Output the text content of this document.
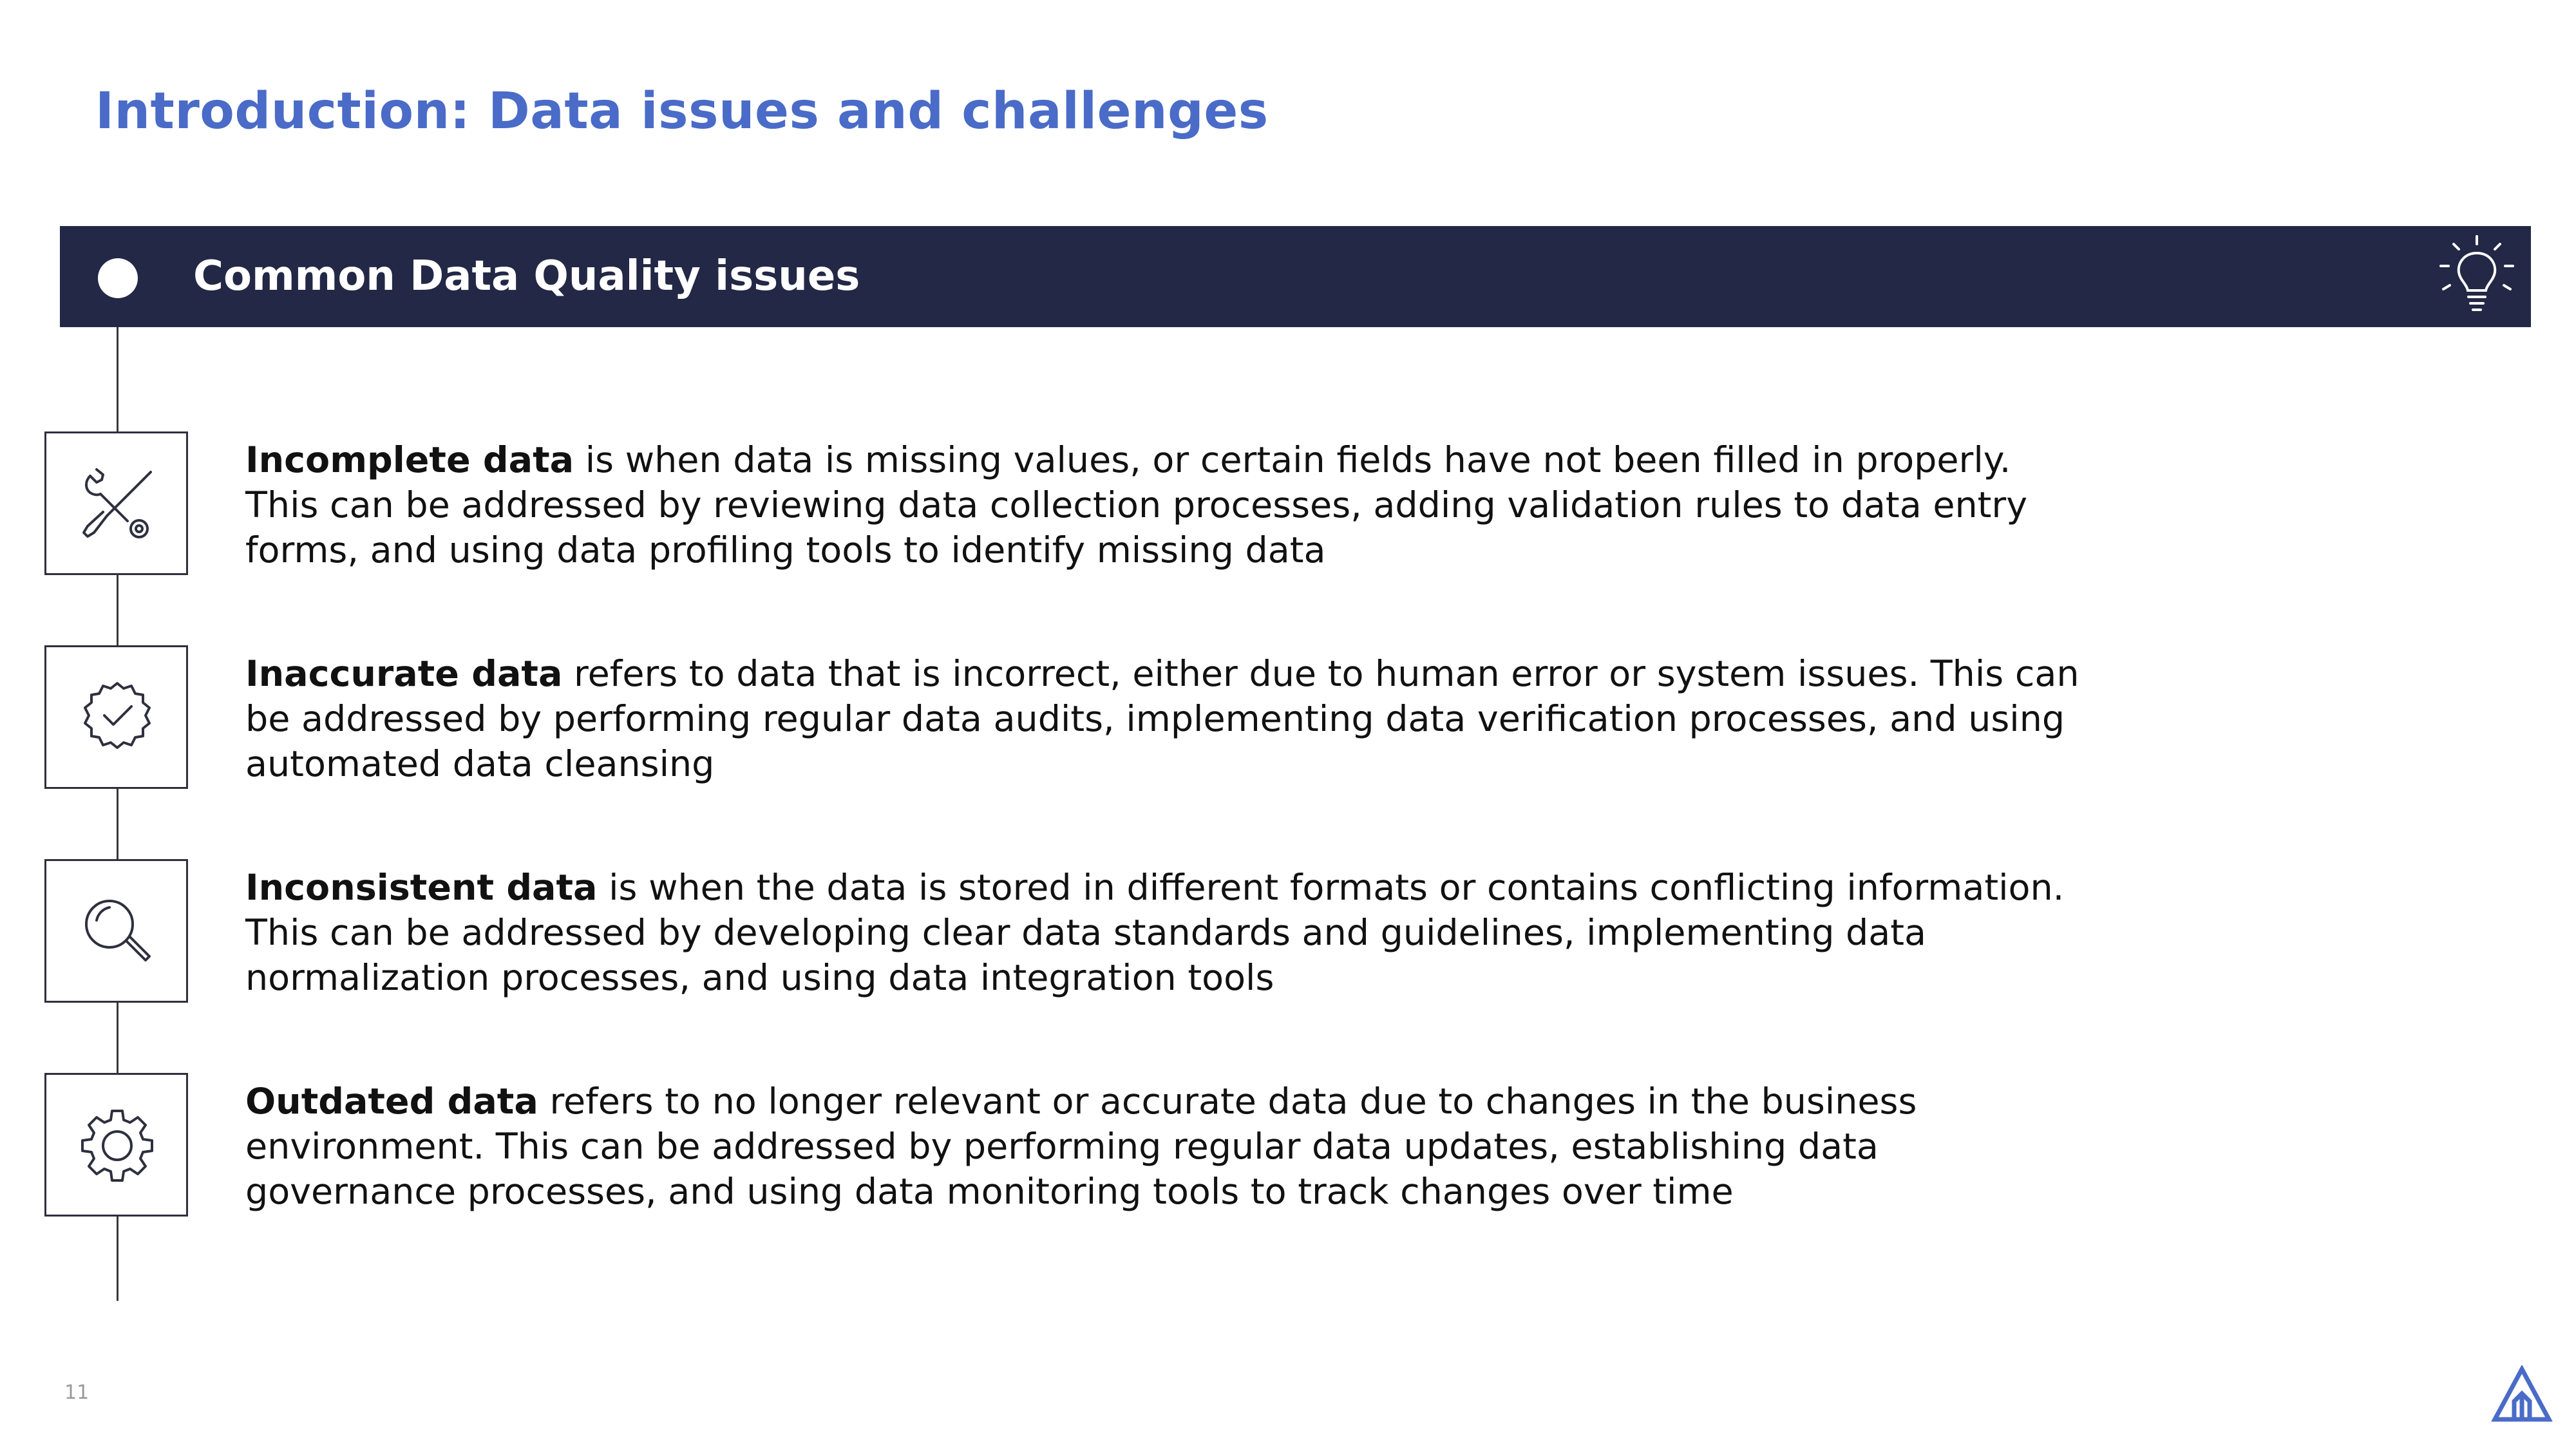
Introduction: Data issues and challenges
Common Data Quality issues

Incomplete data is when data is missing values, or certain fields have not been filled in properly. This can be addressed by reviewing data collection processes, adding validation rules to data entry forms, and using data profiling tools to identify missing data

Inaccurate data refers to data that is incorrect, either due to human error or system issues. This can be addressed by performing regular data audits, implementing data verification processes, and using automated data cleansing

Inconsistent data is when the data is stored in different formats or contains conflicting information. This can be addressed by developing clear data standards and guidelines, implementing data normalization processes, and using data integration tools

Outdated data refers to no longer relevant or accurate data due to changes in the business environment. This can be addressed by performing regular data updates, establishing data governance processes, and using data monitoring tools to track changes over time

11
